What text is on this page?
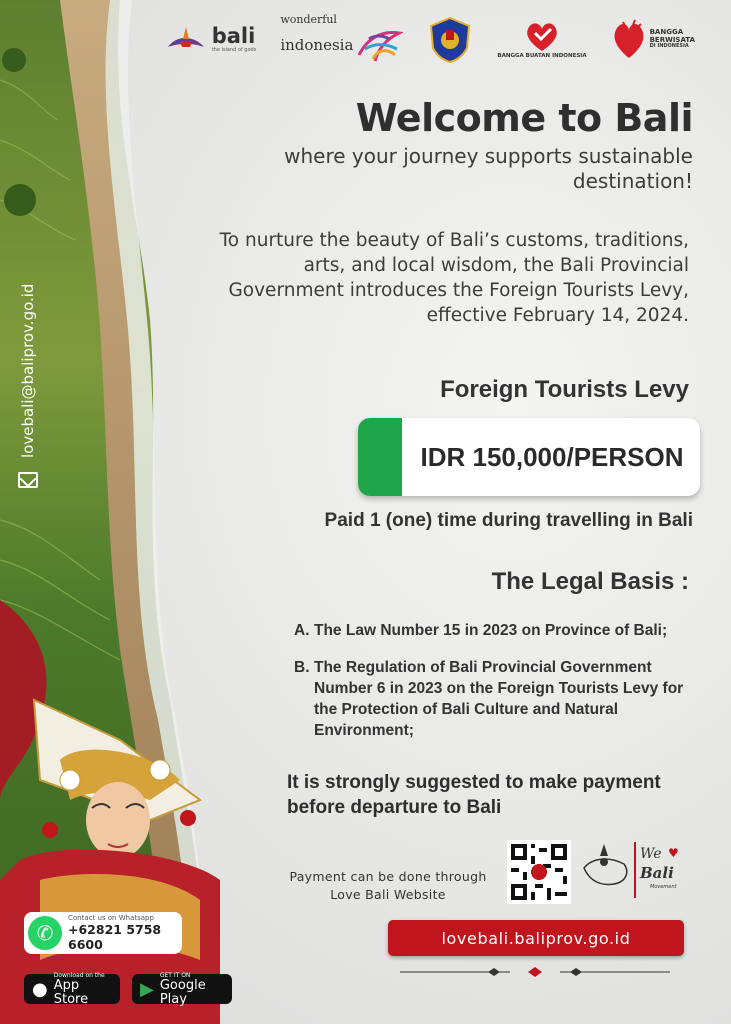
lovebali@baliprov.go.id
bali
the island of gods
wonderful
indonesia
BANGGA BUATAN INDONESIA
BANGGA
BERWISATA
DI INDONESIA
Welcome to Bali
where your journey supports sustainable destination!
To nurture the beauty of Bali’s customs, traditions, arts, and local wisdom, the Bali Provincial Government introduces the Foreign Tourists Levy, effective February 14, 2024.
Foreign Tourists Levy
IDR 150,000/PERSON
Paid 1 (one) time during travelling in Bali
The Legal Basis :
A. The Law Number 15 in 2023 on Province of Bali;
B. The Regulation of Bali Provincial Government Number 6 in 2023 on the Foreign Tourists Levy for the Protection of Bali Culture and Natural Environment;
It is strongly suggested to make payment before departure to Bali
Payment can be done through Love Bali Website
We ♥
Bali
Movement
lovebali.baliprov.go.id
✆
Contact us on Whatsapp
+62821 5758 6600
●
Download on the
App Store	▶
GET IT ON
Google Play
